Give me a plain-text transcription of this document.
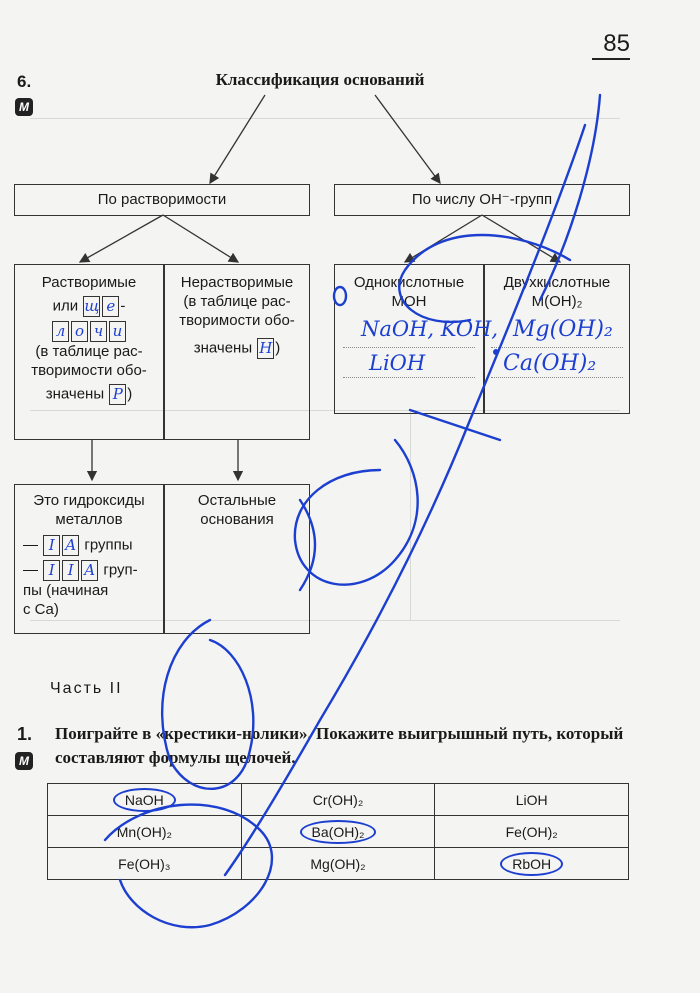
85
6.
М
Классификация оснований
По растворимости	По числу OH⁻-групп
Растворимые
или щ е -
л о ч и
(в таблице рас-
творимости обо-
значены Р )
Нерастворимые
(в таблице рас-
творимости обо-
значены Н )
Однокислотные
MOH
Двухкислотные
M(OH)₂
NaOH, KOH,
LiOH
Mg(OH)₂
Ca(OH)₂
Это гидроксиды
металлов
— I A группы
— I I A груп-
пы (начиная
с Ca)
Остальные
основания
Часть II
1.
М
Поиграйте в «крестики-нолики». Покажите выигрышный путь, который составляют формулы щелочей.
NaOH	Cr(OH)₂	LiOH
Mn(OH)₂	Ba(OH)₂	Fe(OH)₂
Fe(OH)₃	Mg(OH)₂	RbOH
